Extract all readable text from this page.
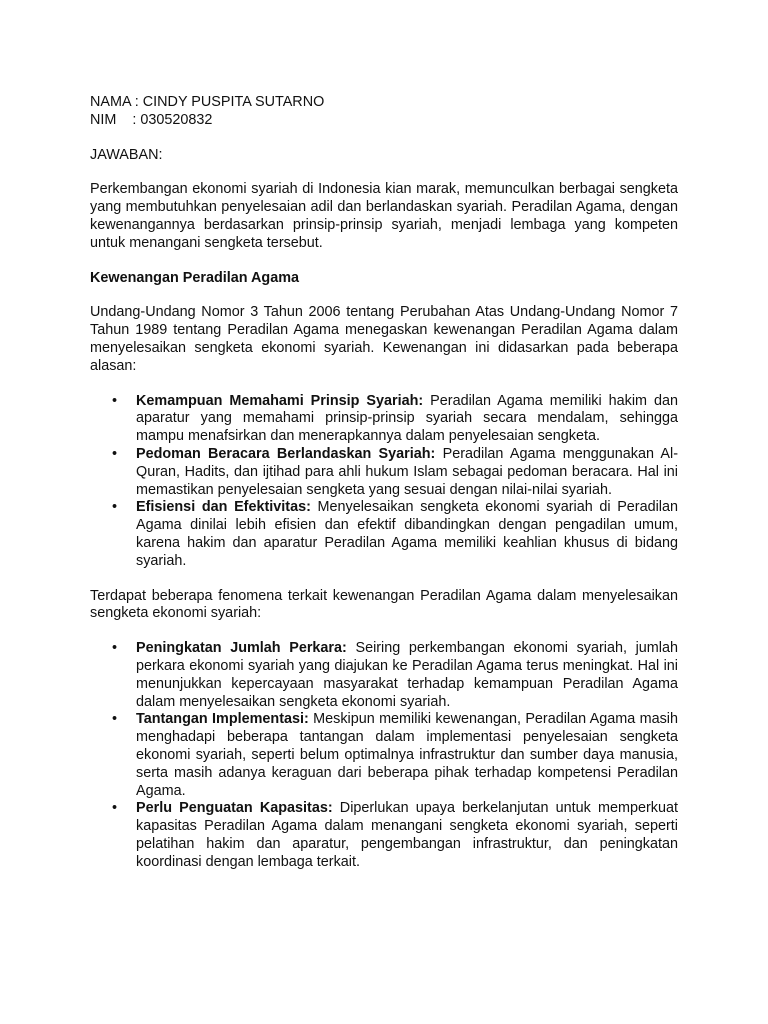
NAMA : CINDY PUSPITA SUTARNO
NIM    : 030520832

JAWABAN:

Perkembangan ekonomi syariah di Indonesia kian marak, memunculkan berbagai sengketa yang membutuhkan penyelesaian adil dan berlandaskan syariah. Peradilan Agama, dengan kewenangannya berdasarkan prinsip-prinsip syariah, menjadi lembaga yang kompeten untuk menangani sengketa tersebut.

Kewenangan Peradilan Agama

Undang-Undang Nomor 3 Tahun 2006 tentang Perubahan Atas Undang-Undang Nomor 7 Tahun 1989 tentang Peradilan Agama menegaskan kewenangan Peradilan Agama dalam menyelesaikan sengketa ekonomi syariah. Kewenangan ini didasarkan pada beberapa alasan:

• Kemampuan Memahami Prinsip Syariah: Peradilan Agama memiliki hakim dan aparatur yang memahami prinsip-prinsip syariah secara mendalam, sehingga mampu menafsirkan dan menerapkannya dalam penyelesaian sengketa.
• Pedoman Beracara Berlandaskan Syariah: Peradilan Agama menggunakan Al-Quran, Hadits, dan ijtihad para ahli hukum Islam sebagai pedoman beracara. Hal ini memastikan penyelesaian sengketa yang sesuai dengan nilai-nilai syariah.
• Efisiensi dan Efektivitas: Menyelesaikan sengketa ekonomi syariah di Peradilan Agama dinilai lebih efisien dan efektif dibandingkan dengan pengadilan umum, karena hakim dan aparatur Peradilan Agama memiliki keahlian khusus di bidang syariah.

Terdapat beberapa fenomena terkait kewenangan Peradilan Agama dalam menyelesaikan sengketa ekonomi syariah:

• Peningkatan Jumlah Perkara: Seiring perkembangan ekonomi syariah, jumlah perkara ekonomi syariah yang diajukan ke Peradilan Agama terus meningkat. Hal ini menunjukkan kepercayaan masyarakat terhadap kemampuan Peradilan Agama dalam menyelesaikan sengketa ekonomi syariah.
• Tantangan Implementasi: Meskipun memiliki kewenangan, Peradilan Agama masih menghadapi beberapa tantangan dalam implementasi penyelesaian sengketa ekonomi syariah, seperti belum optimalnya infrastruktur dan sumber daya manusia, serta masih adanya keraguan dari beberapa pihak terhadap kompetensi Peradilan Agama.
• Perlu Penguatan Kapasitas: Diperlukan upaya berkelanjutan untuk memperkuat kapasitas Peradilan Agama dalam menangani sengketa ekonomi syariah, seperti pelatihan hakim dan aparatur, pengembangan infrastruktur, dan peningkatan koordinasi dengan lembaga terkait.
